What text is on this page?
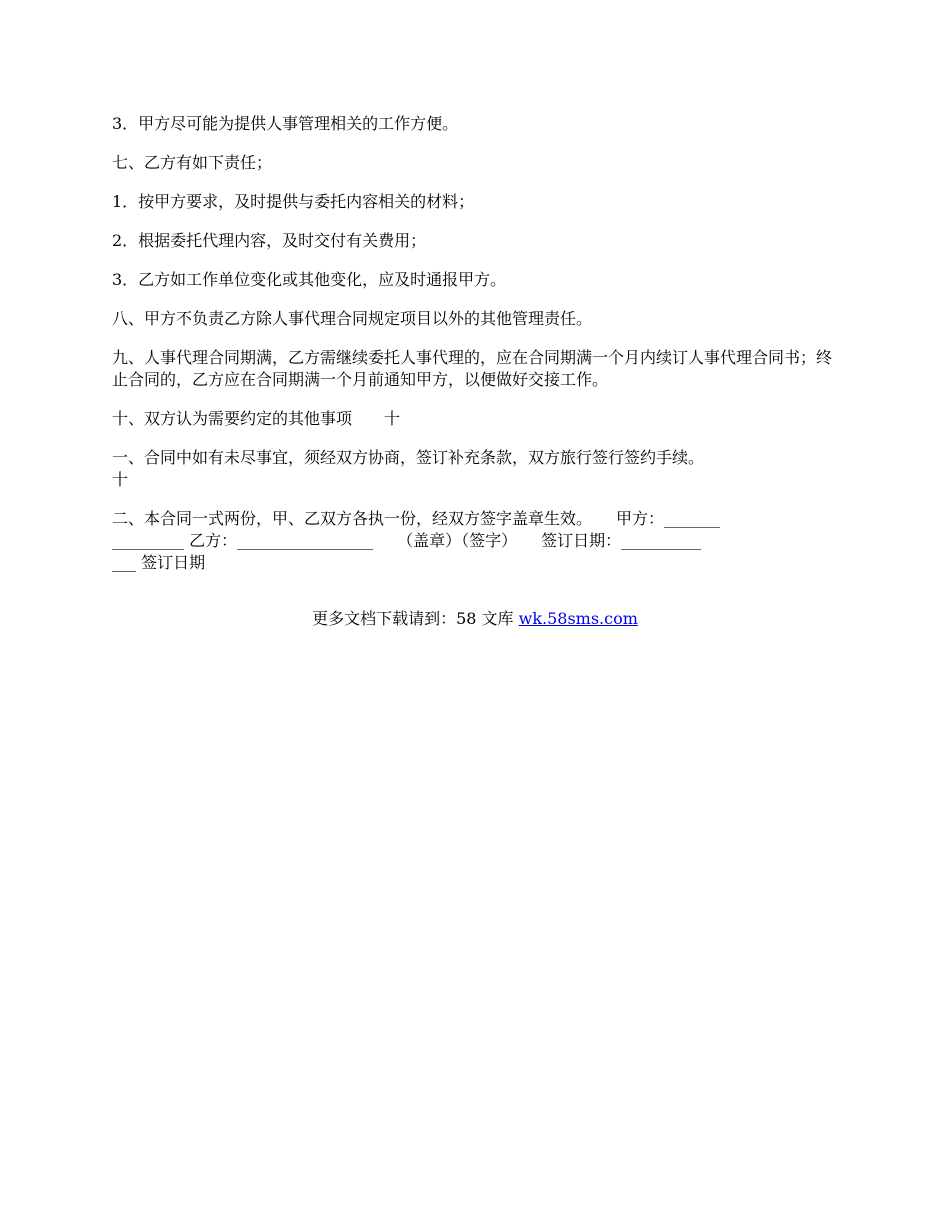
3．甲方尽可能为提供人事管理相关的工作方便。

七、乙方有如下责任；

1．按甲方要求，及时提供与委托内容相关的材料；

2．根据委托代理内容，及时交付有关费用；

3．乙方如工作单位变化或其他变化，应及时通报甲方。

八、甲方不负责乙方除人事代理合同规定项目以外的其他管理责任。

九、人事代理合同期满，乙方需继续委托人事代理的，应在合同期满一个月内续订人事代理合同书；终止合同的，乙方应在合同期满一个月前通知甲方，以便做好交接工作。

十、双方认为需要约定的其他事项　　十

一、合同中如有未尽事宜，须经双方协商，签订补充条款，双方旅行签行签约手续。
十

二、本合同一式两份，甲、乙双方各执一份，经双方签字盖章生效。　　甲方：_______
_________ 乙方：_________________　　（盖章）（签字）　　签订日期：__________
___ 签订日期

更多文档下载请到：58 文库 wk.58sms.com
